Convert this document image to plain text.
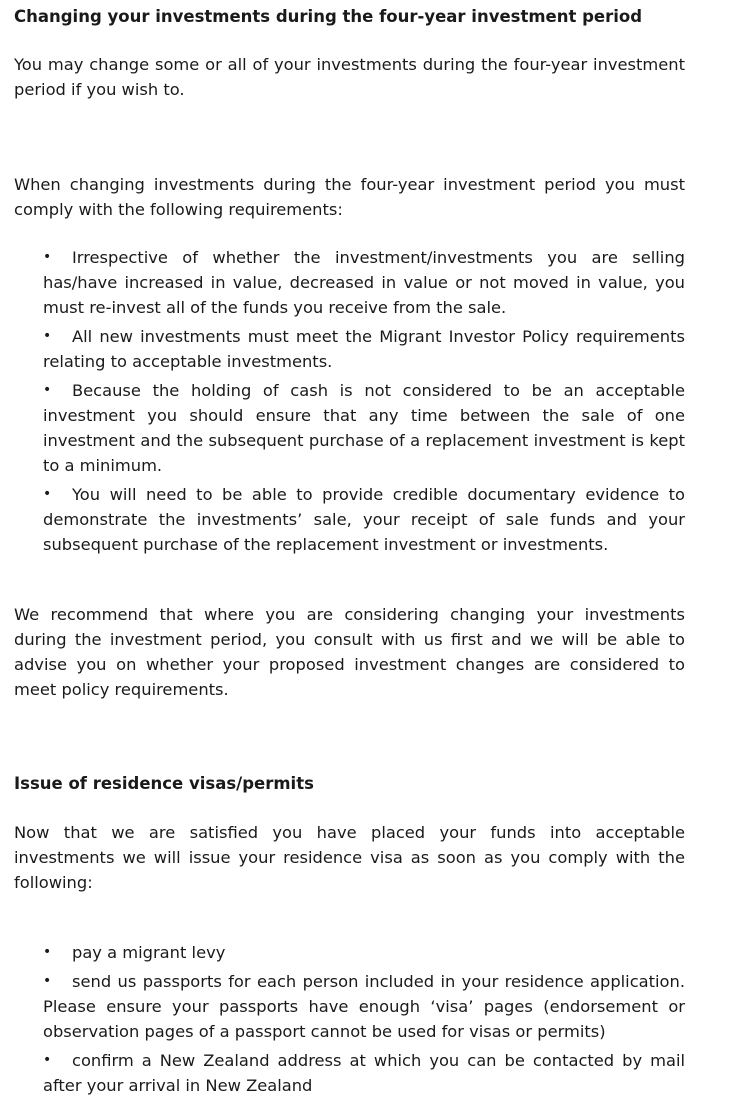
Changing your investments during the four-year investment period

You may change some or all of your investments during the four-year investment period if you wish to.

When changing investments during the four-year investment period you must comply with the following requirements:

• Irrespective of whether the investment/investments you are selling has/have increased in value, decreased in value or not moved in value, you must re-invest all of the funds you receive from the sale.
• All new investments must meet the Migrant Investor Policy requirements relating to acceptable investments.
• Because the holding of cash is not considered to be an acceptable investment you should ensure that any time between the sale of one investment and the subsequent purchase of a replacement investment is kept to a minimum.
• You will need to be able to provide credible documentary evidence to demonstrate the investments’ sale, your receipt of sale funds and your subsequent purchase of the replacement investment or investments.

We recommend that where you are considering changing your investments during the investment period, you consult with us first and we will be able to advise you on whether your proposed investment changes are considered to meet policy requirements.

Issue of residence visas/permits

Now that we are satisfied you have placed your funds into acceptable investments we will issue your residence visa as soon as you comply with the following:

• pay a migrant levy
• send us passports for each person included in your residence application. Please ensure your passports have enough ‘visa’ pages (endorsement or observation pages of a passport cannot be used for visas or permits)
• confirm a New Zealand address at which you can be contacted by mail after your arrival in New Zealand
